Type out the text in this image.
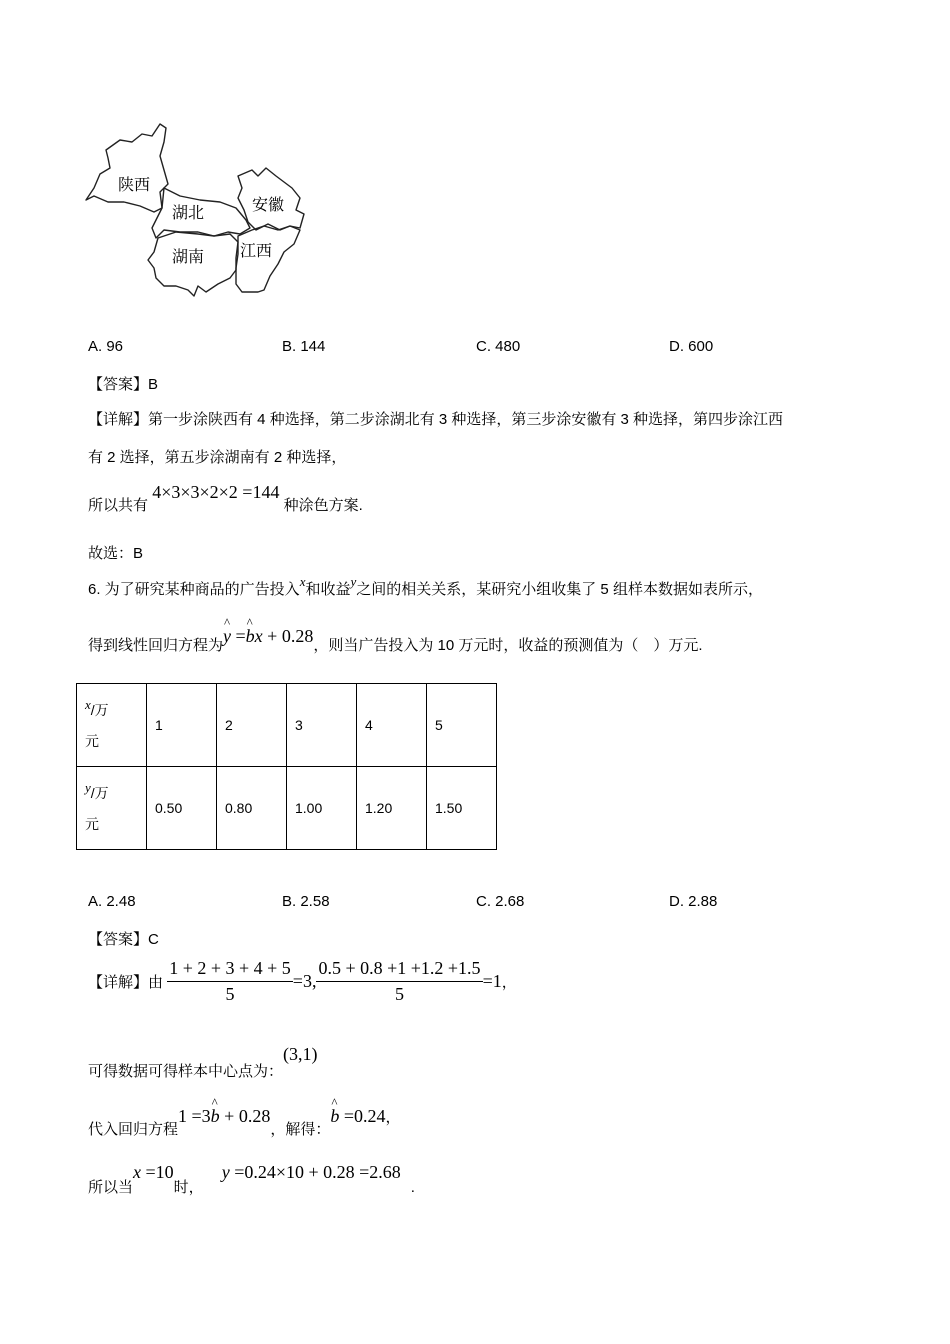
陕西
湖北	安徽
湖南 江西
A. 96	B. 144	C. 480	D. 600
【答案】B
【详解】第一步涂陕西有 4 种选择，第二步涂湖北有 3 种选择，第三步涂安徽有 3 种选择，第四步涂江西
有 2 选择，第五步涂湖南有 2 种选择，
所以共有 4×3×3×2×2 =144 种涂色方案.
故选：B
6. 为了研究某种商品的广告投入x和收益y之间的相关关系，某研究小组收集了 5 组样本数据如表所示，
得到线性回归方程为^ y =^ bx + 0.28，则当广告投入为 10 万元时，收益的预测值为（　）万元.
x/万
元	1	2	3	4	5
y/万
元	0.50	0.80	1.00	1.20	1.50
A. 2.48	B. 2.58	C. 2.68	D. 2.88
【答案】C
【详解】由 $\frac{1 + 2 + 3 + 4 + 5}{5} =3$, $\frac{0.5 + 0.8 +1 +1.2 +1.5}{5} =1$，
可得数据可得样本中心点为：(3,1)
代入回归方程1 =3^ b + 0.28，解得：^ b =0.24，
所以当x =10时，y =0.24×10 + 0.28 =2.68.
